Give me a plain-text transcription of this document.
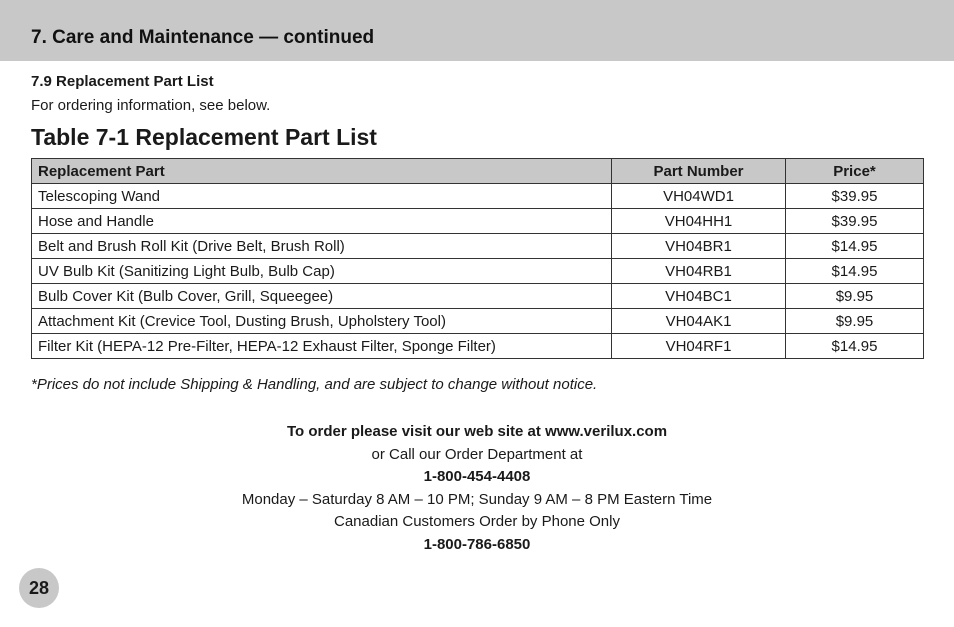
7. Care and Maintenance — continued
7.9 Replacement Part List
For ordering information, see below.
Table 7-1 Replacement Part List
Replacement Part	Part Number	Price*
Telescoping Wand	VH04WD1	$39.95
Hose and Handle	VH04HH1	$39.95
Belt and Brush Roll Kit (Drive Belt, Brush Roll)	VH04BR1	$14.95
UV Bulb Kit (Sanitizing Light Bulb, Bulb Cap)	VH04RB1	$14.95
Bulb Cover Kit (Bulb Cover, Grill, Squeegee)	VH04BC1	$9.95
Attachment Kit (Crevice Tool, Dusting Brush, Upholstery Tool)	VH04AK1	$9.95
Filter Kit (HEPA-12 Pre-Filter, HEPA-12 Exhaust Filter, Sponge Filter)	VH04RF1	$14.95
*Prices do not include Shipping & Handling, and are subject to change without notice.
To order please visit our web site at www.verilux.com
or Call our Order Department at
1-800-454-4408
Monday – Saturday 8 AM – 10 PM; Sunday 9 AM – 8 PM Eastern Time
Canadian Customers Order by Phone Only
1-800-786-6850
28
